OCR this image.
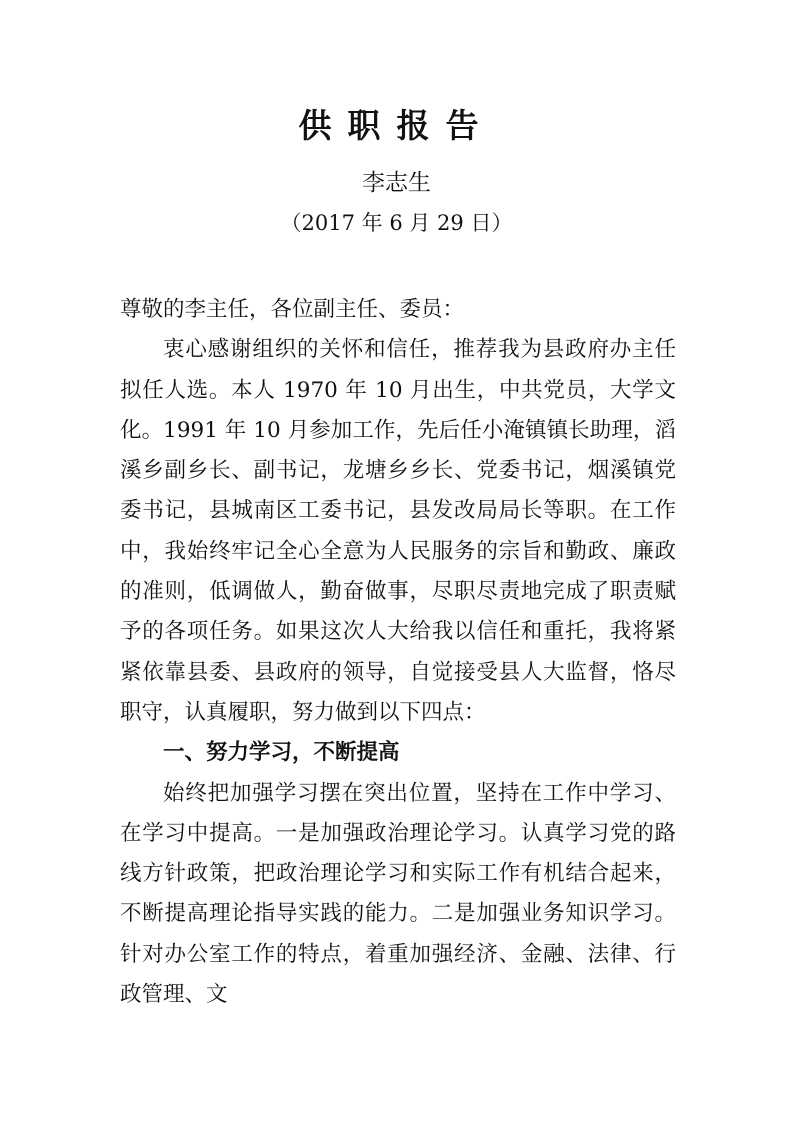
供职报告
李志生
（2017 年 6 月 29 日）

尊敬的李主任，各位副主任、委员：

衷心感谢组织的关怀和信任，推荐我为县政府办主任拟任人选。本人 1970 年 10 月出生，中共党员，大学文化。1991 年 10 月参加工作，先后任小淹镇镇长助理，滔溪乡副乡长、副书记，龙塘乡乡长、党委书记，烟溪镇党委书记，县城南区工委书记，县发改局局长等职。在工作中，我始终牢记全心全意为人民服务的宗旨和勤政、廉政的准则，低调做人，勤奋做事，尽职尽责地完成了职责赋予的各项任务。如果这次人大给我以信任和重托，我将紧紧依靠县委、县政府的领导，自觉接受县人大监督，恪尽职守，认真履职，努力做到以下四点：

一、努力学习，不断提高

始终把加强学习摆在突出位置，坚持在工作中学习、在学习中提高。一是加强政治理论学习。认真学习党的路线方针政策，把政治理论学习和实际工作有机结合起来，不断提高理论指导实践的能力。二是加强业务知识学习。针对办公室工作的特点，着重加强经济、金融、法律、行政管理、文
